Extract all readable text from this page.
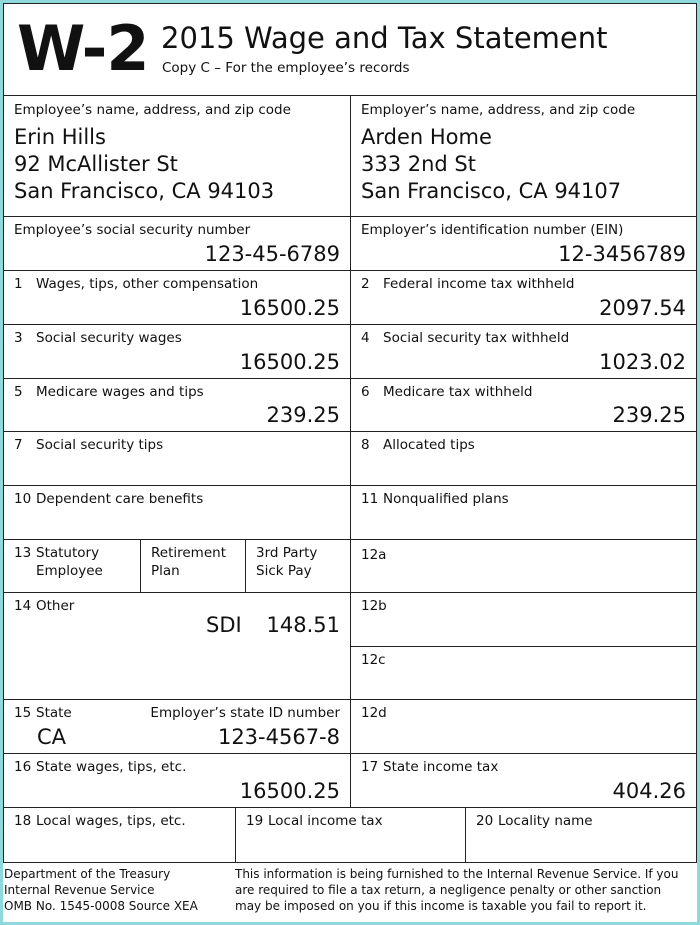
W-2 2015 Wage and Tax Statement
Copy C – For the employee’s records
Employee’s name, address, and zip code
Erin Hills
92 McAllister St
San Francisco, CA 94103
Employer’s name, address, and zip code
Arden Home
333 2nd St
San Francisco, CA 94107
Employee’s social security number
123-45-6789
Employer’s identification number (EIN)
12-3456789
1 Wages, tips, other compensation
16500.25
2 Federal income tax withheld
2097.54
3 Social security wages
16500.25
4 Social security tax withheld
1023.02
5 Medicare wages and tips
239.25
6 Medicare tax withheld
239.25
7 Social security tips	8 Allocated tips
10 Dependent care benefits	11 Nonqualified plans
13 Statutory
Employee
Retirement
Plan
3rd Party
Sick Pay
12a
14 Other
SDI 148.51
12b
12c
15 State	Employer’s state ID number
CA	123-4567-8
12d
16 State wages, tips, etc.
16500.25
17 State income tax
404.26
18 Local wages, tips, etc.	19 Local income tax	20 Locality name
Department of the Treasury
Internal Revenue Service
OMB No. 1545-0008 Source XEA
This information is being furnished to the Internal Revenue Service. If you
are required to file a tax return, a negligence penalty or other sanction
may be imposed on you if this income is taxable you fail to report it.
